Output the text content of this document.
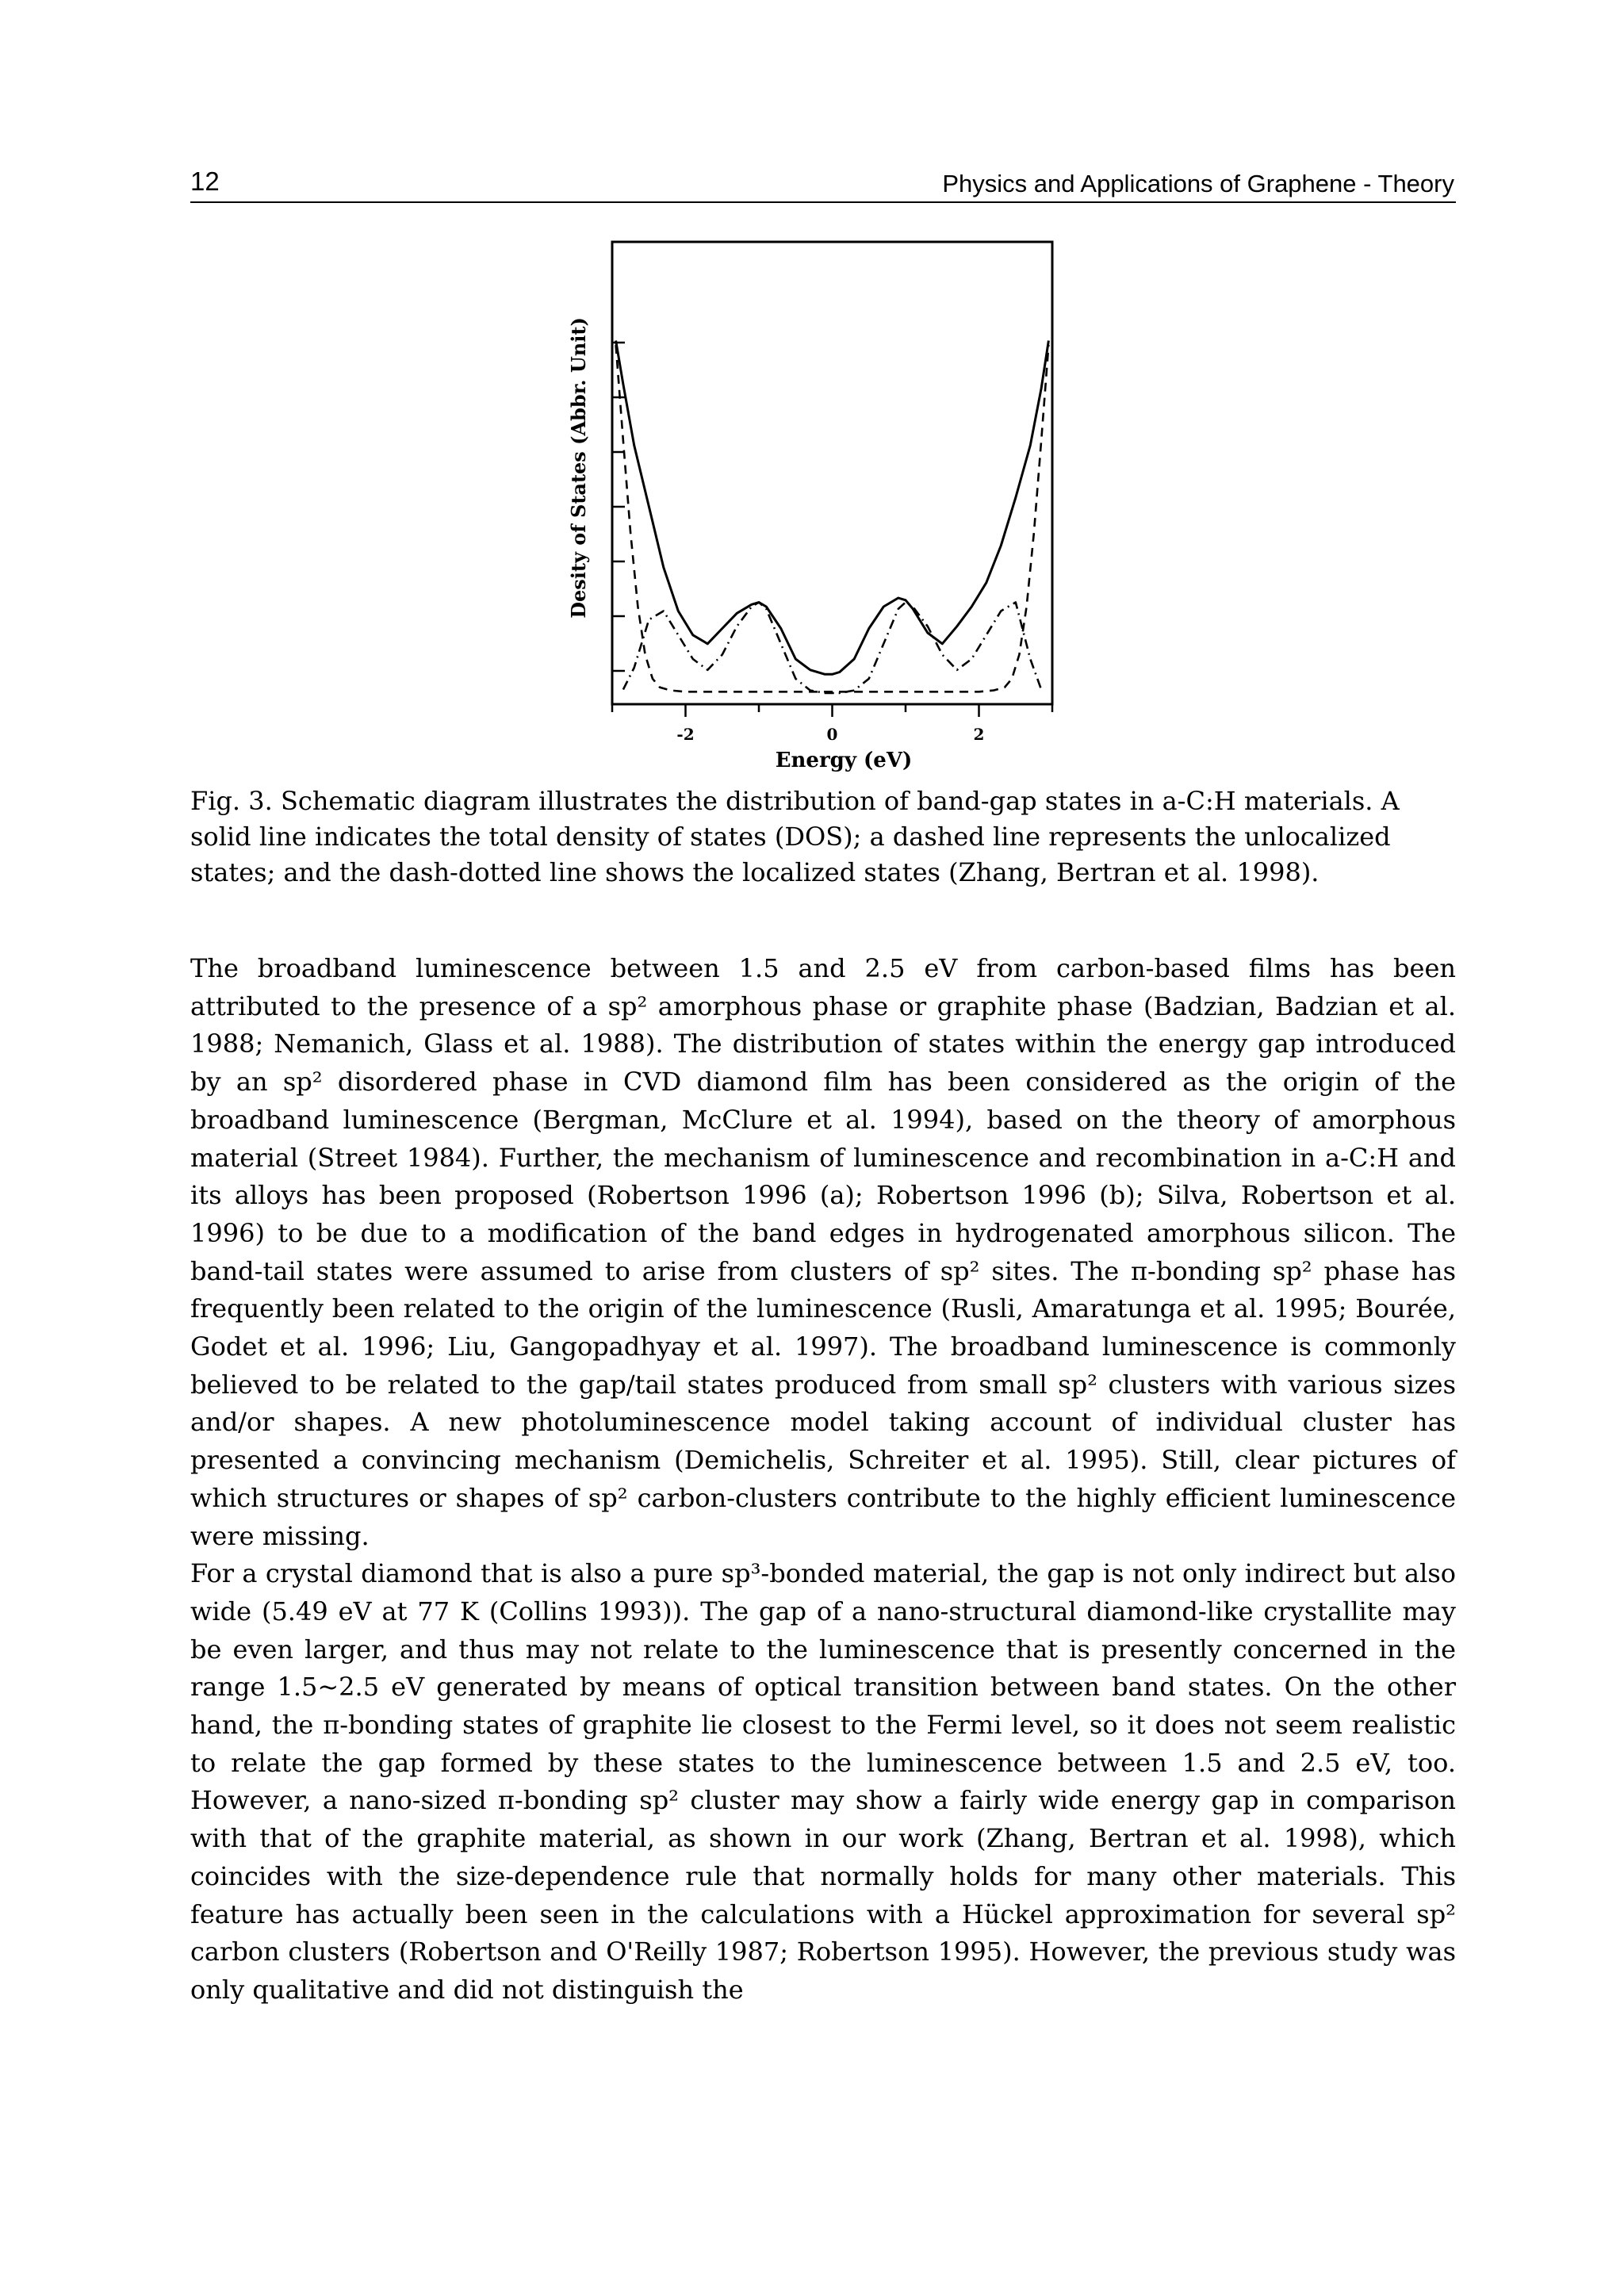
12	Physics and Applications of Graphene - Theory
-2	0	2
Energy (eV)
Desity of States (Abbr. Unit)

Fig. 3. Schematic diagram illustrates the distribution of band-gap states in a-C:H materials. A solid line indicates the total density of states (DOS); a dashed line represents the unlocalized states; and the dash-dotted line shows the localized states (Zhang, Bertran et al. 1998).

The broadband luminescence between 1.5 and 2.5 eV from carbon-based films has been attributed to the presence of a sp² amorphous phase or graphite phase (Badzian, Badzian et al. 1988; Nemanich, Glass et al. 1988). The distribution of states within the energy gap introduced by an sp² disordered phase in CVD diamond film has been considered as the origin of the broadband luminescence (Bergman, McClure et al. 1994), based on the theory of amorphous material (Street 1984). Further, the mechanism of luminescence and recombination in a-C:H and its alloys has been proposed (Robertson 1996 (a); Robertson 1996 (b); Silva, Robertson et al. 1996) to be due to a modification of the band edges in hydrogenated amorphous silicon. The band-tail states were assumed to arise from clusters of sp² sites. The π-bonding sp² phase has frequently been related to the origin of the luminescence (Rusli, Amaratunga et al. 1995; Bourée, Godet et al. 1996; Liu, Gangopadhyay et al. 1997). The broadband luminescence is commonly believed to be related to the gap/tail states produced from small sp² clusters with various sizes and/or shapes. A new photoluminescence model taking account of individual cluster has presented a convincing mechanism (Demichelis, Schreiter et al. 1995). Still, clear pictures of which structures or shapes of sp² carbon-clusters contribute to the highly efficient luminescence were missing.

For a crystal diamond that is also a pure sp³-bonded material, the gap is not only indirect but also wide (5.49 eV at 77 K (Collins 1993)). The gap of a nano-structural diamond-like crystallite may be even larger, and thus may not relate to the luminescence that is presently concerned in the range 1.5~2.5 eV generated by means of optical transition between band states. On the other hand, the π-bonding states of graphite lie closest to the Fermi level, so it does not seem realistic to relate the gap formed by these states to the luminescence between 1.5 and 2.5 eV, too. However, a nano-sized π-bonding sp² cluster may show a fairly wide energy gap in comparison with that of the graphite material, as shown in our work (Zhang, Bertran et al. 1998), which coincides with the size-dependence rule that normally holds for many other materials. This feature has actually been seen in the calculations with a Hückel approximation for several sp² carbon clusters (Robertson and O'Reilly 1987; Robertson 1995). However, the previous study was only qualitative and did not distinguish the
